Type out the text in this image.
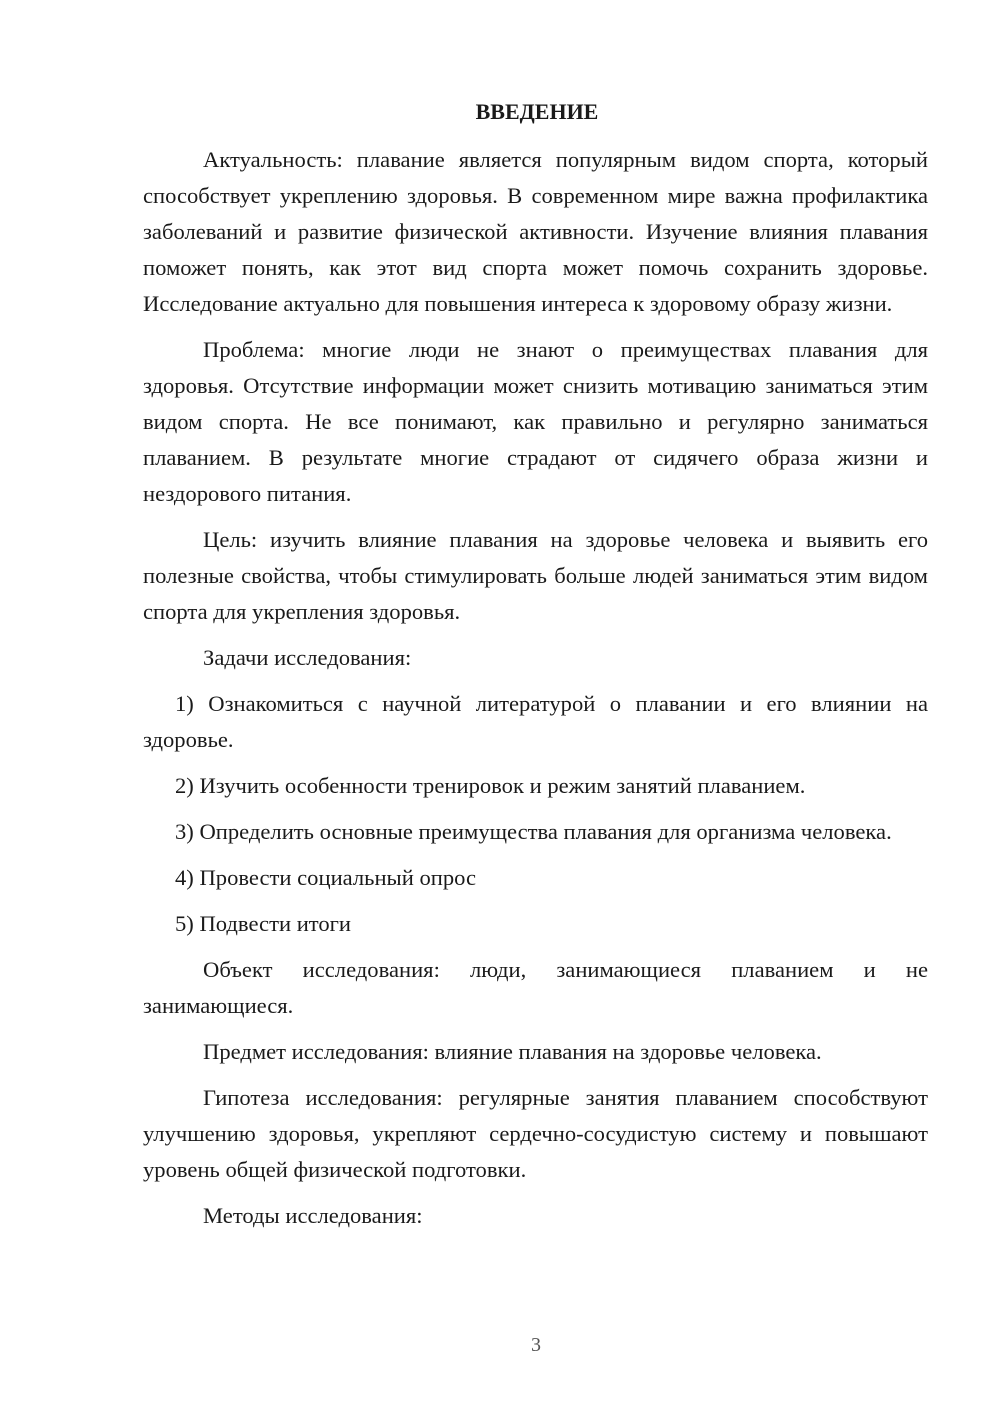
ВВЕДЕНИЕ

Актуальность: плавание является популярным видом спорта, который способствует укреплению здоровья. В современном мире важна профилактика заболеваний и развитие физической активности. Изучение влияния плавания поможет понять, как этот вид спорта может помочь сохранить здоровье. Исследование актуально для повышения интереса к здоровому образу жизни.

Проблема: многие люди не знают о преимуществах плавания для здоровья. Отсутствие информации может снизить мотивацию заниматься этим видом спорта. Не все понимают, как правильно и регулярно заниматься плаванием. В результате многие страдают от сидячего образа жизни и нездорового питания.

Цель: изучить влияние плавания на здоровье человека и выявить его полезные свойства, чтобы стимулировать больше людей заниматься этим видом спорта для укрепления здоровья.

Задачи исследования:

1) Ознакомиться с научной литературой о плавании и его влиянии на здоровье.

2) Изучить особенности тренировок и режим занятий плаванием.

3) Определить основные преимущества плавания для организма человека.

4) Провести социальный опрос

5) Подвести итоги

Объект исследования: люди, занимающиеся плаванием и не занимающиеся.

Предмет исследования: влияние плавания на здоровье человека.

Гипотеза исследования: регулярные занятия плаванием способствуют улучшению здоровья, укрепляют сердечно-сосудистую систему и повышают уровень общей физической подготовки.

Методы исследования:

3
